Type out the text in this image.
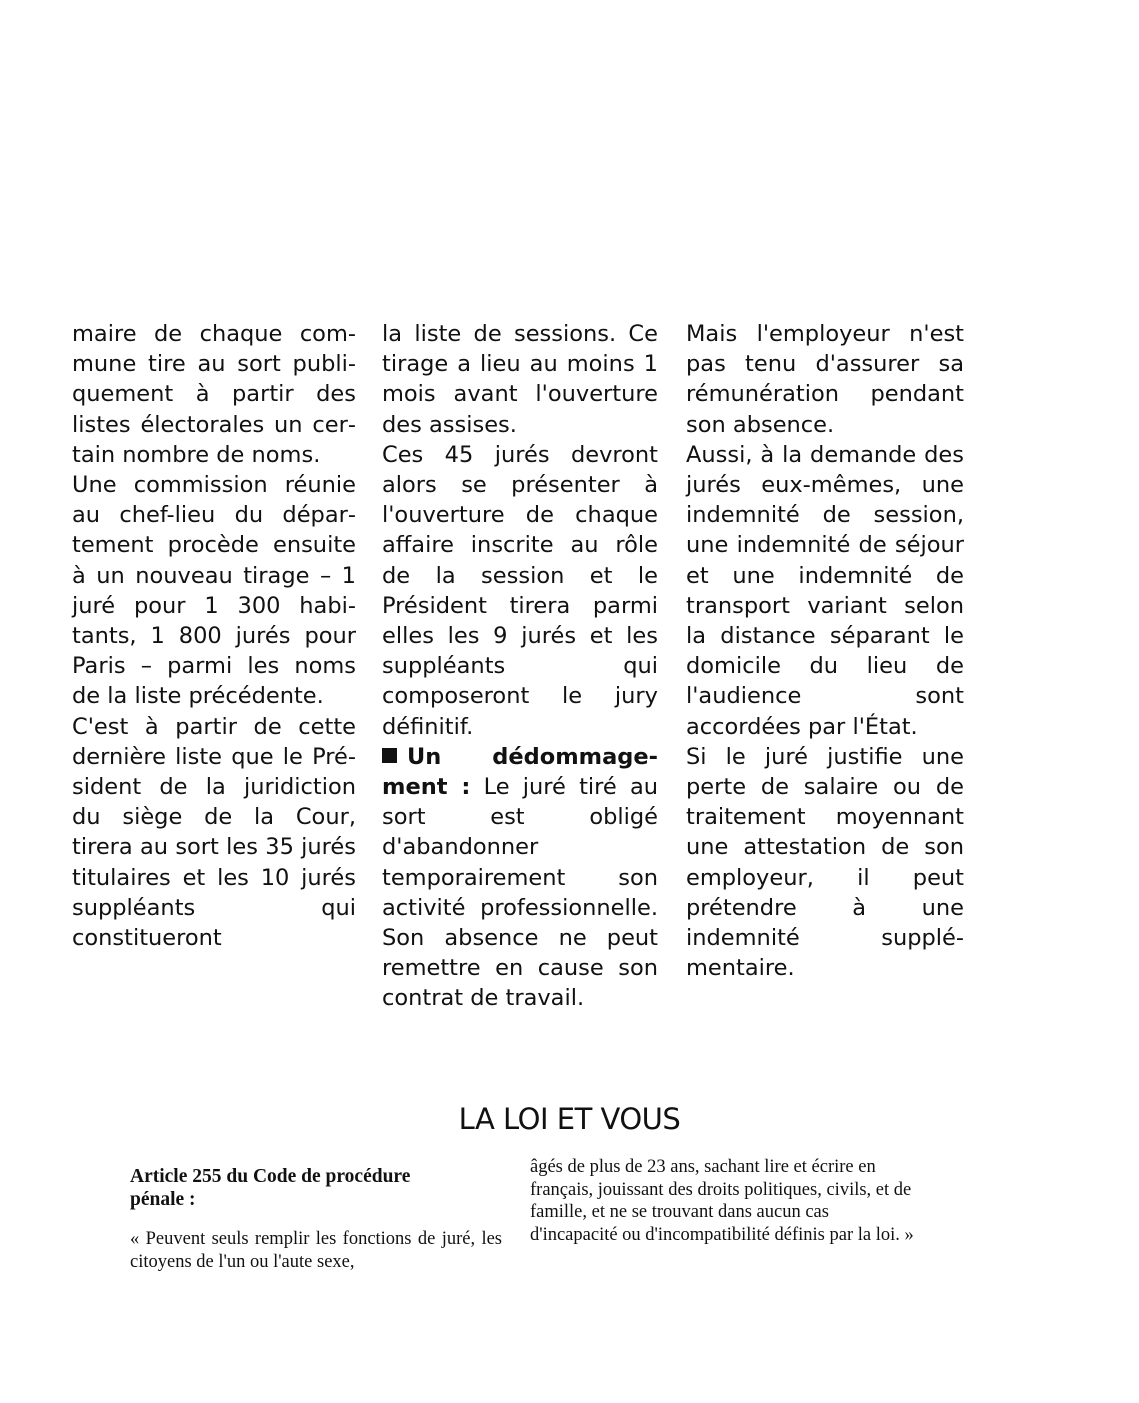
maire de chaque commune tire au sort publiquement à partir des listes électorales un certain nombre de noms.

Une commission réunie au chef-lieu du département procède ensuite à un nouveau tirage – 1 juré pour 1 300 habitants, 1 800 jurés pour Paris – parmi les noms de la liste précédente.

C'est à partir de cette dernière liste que le Président de la juridiction du siège de la Cour, tirera au sort les 35 jurés titulaires et les 10 jurés suppléants qui constitueront

la liste de sessions. Ce tirage a lieu au moins 1 mois avant l'ouverture des assises.

Ces 45 jurés devront alors se présenter à l'ouverture de chaque affaire inscrite au rôle de la session et le Président tirera parmi elles les 9 jurés et les suppléants qui composeront le jury définitif.

Un dédommagement : Le juré tiré au sort est obligé d'abandonner temporairement son activité professionnelle. Son absence ne peut remettre en cause son contrat de travail.

Mais l'employeur n'est pas tenu d'assurer sa rémunération pendant son absence.

Aussi, à la demande des jurés eux-mêmes, une indemnité de session, une indemnité de séjour et une indemnité de transport variant selon la distance séparant le domicile du lieu de l'audience sont accordées par l'État.

Si le juré justifie une perte de salaire ou de traitement moyennant une attestation de son employeur, il peut prétendre à une indemnité supplémentaire.

LA LOI ET VOUS
Article 255 du Code de procédure pénale :

« Peuvent seuls remplir les fonctions de juré, les citoyens de l'un ou l'aute sexe,

âgés de plus de 23 ans, sachant lire et écrire en français, jouissant des droits politiques, civils, et de famille, et ne se trouvant dans aucun cas d'incapacité ou d'incompatibilité définis par la loi. »
